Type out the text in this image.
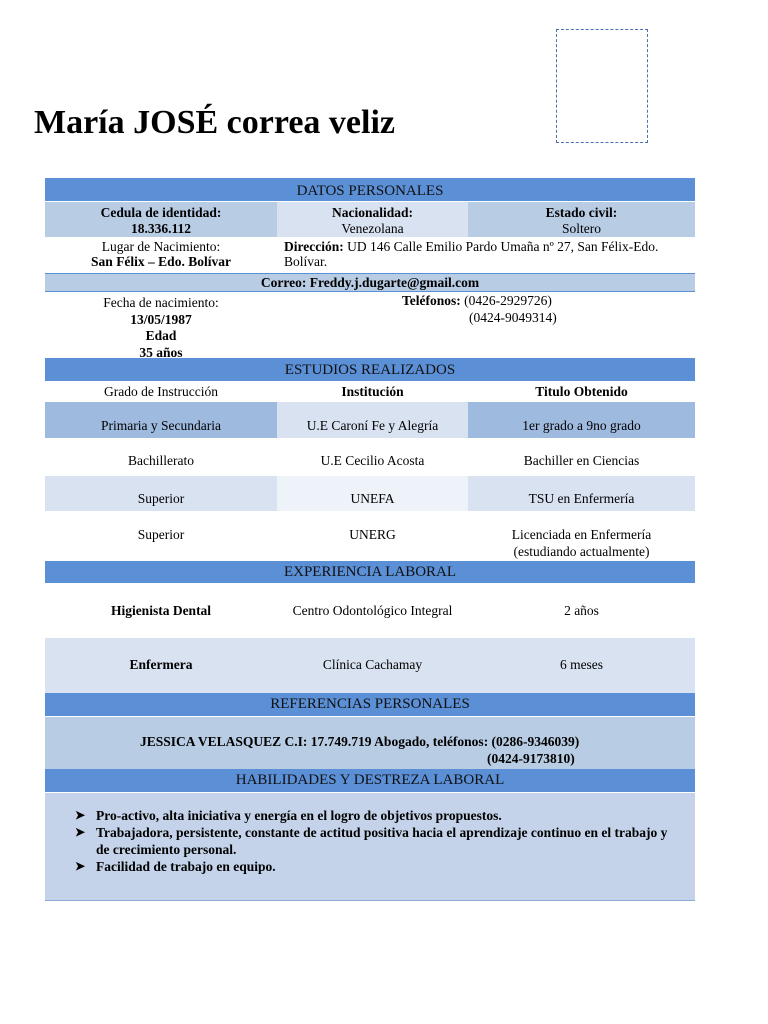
María JOSÉ correa veliz
DATOS PERSONALES
Cedula de identidad:
18.336.112
Nacionalidad:
Venezolana
Estado civil:
Soltero
Lugar de Nacimiento:
San Félix – Edo. Bolívar
Dirección: UD 146 Calle Emilio Pardo Umaña nº 27, San Félix-Edo. Bolívar.
Correo: Freddy.j.dugarte@gmail.com
Fecha de nacimiento:
13/05/1987
Edad
35 años
Teléfonos: (0426-2929726)
(0424-9049314)
ESTUDIOS REALIZADOS
Grado de Instrucción	Institución	Titulo Obtenido
Primaria y Secundaria	U.E Caroní Fe y Alegría	1er grado a 9no grado
Bachillerato	U.E Cecilio Acosta	Bachiller en Ciencias
Superior	UNEFA	TSU en Enfermería
Superior	UNERG	Licenciada en Enfermería
(estudiando actualmente)
EXPERIENCIA LABORAL
Higienista Dental	Centro Odontológico Integral	2 años
Enfermera	Clínica Cachamay	6 meses
REFERENCIAS PERSONALES
JESSICA VELASQUEZ C.I: 17.749.719 Abogado, teléfonos: (0286-9346039)
(0424-9173810)
HABILIDADES Y DESTREZA LABORAL
➤ Pro-activo, alta iniciativa y energía en el logro de objetivos propuestos.
➤ Trabajadora, persistente, constante de actitud positiva hacia el aprendizaje continuo en el trabajo y de crecimiento personal.
➤ Facilidad de trabajo en equipo.
